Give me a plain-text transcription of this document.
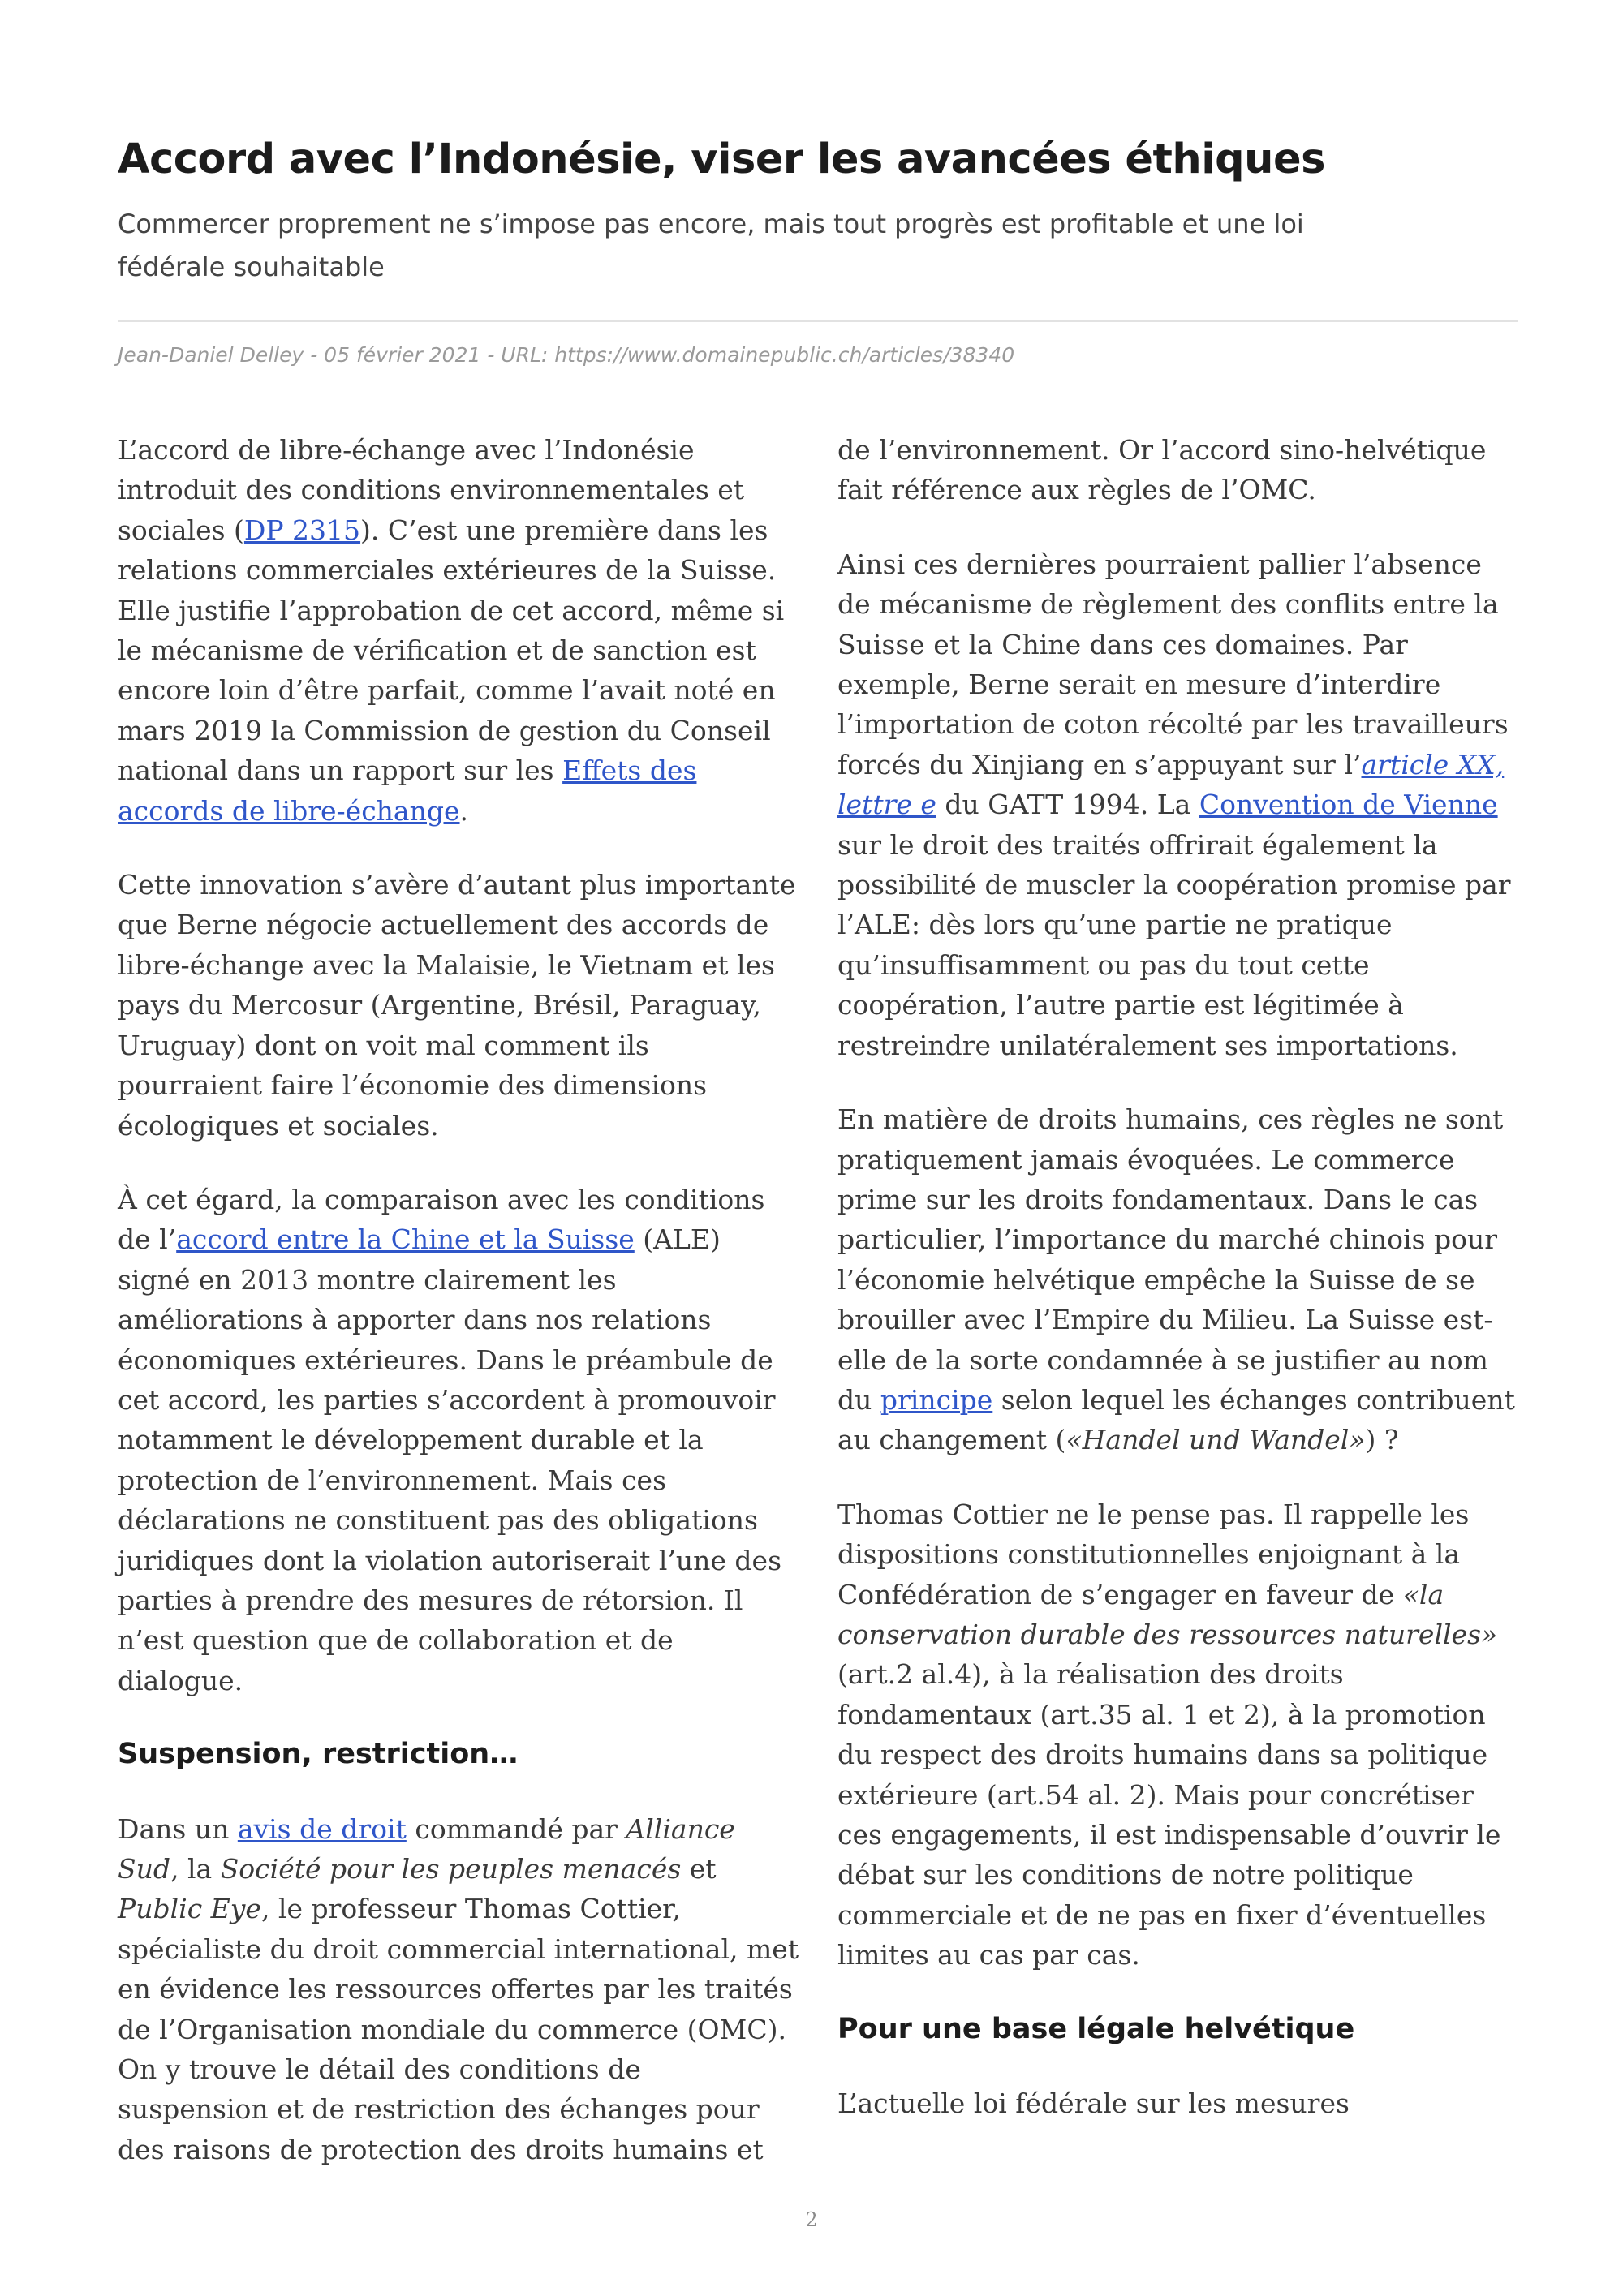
Accord avec l’Indonésie, viser les avancées éthiques

Commercer proprement ne s’impose pas encore, mais tout progrès est profitable et une loi fédérale souhaitable

Jean-Daniel Delley - 05 février 2021 - URL: https://www.domainepublic.ch/articles/38340

L’accord de libre-échange avec l’Indonésie introduit des conditions environnementales et sociales (DP 2315). C’est une première dans les relations commerciales extérieures de la Suisse. Elle justifie l’approbation de cet accord, même si le mécanisme de vérification et de sanction est encore loin d’être parfait, comme l’avait noté en mars 2019 la Commission de gestion du Conseil national dans un rapport sur les Effets des accords de libre-échange.

Cette innovation s’avère d’autant plus importante que Berne négocie actuellement des accords de libre-échange avec la Malaisie, le Vietnam et les pays du Mercosur (Argentine, Brésil, Paraguay, Uruguay) dont on voit mal comment ils pourraient faire l’économie des dimensions écologiques et sociales.

À cet égard, la comparaison avec les conditions de l’accord entre la Chine et la Suisse (ALE) signé en 2013 montre clairement les améliorations à apporter dans nos relations économiques extérieures. Dans le préambule de cet accord, les parties s’accordent à promouvoir notamment le développement durable et la protection de l’environnement. Mais ces déclarations ne constituent pas des obligations juridiques dont la violation autoriserait l’une des parties à prendre des mesures de rétorsion. Il n’est question que de collaboration et de dialogue.

Suspension, restriction…

Dans un avis de droit commandé par Alliance Sud, la Société pour les peuples menacés et Public Eye, le professeur Thomas Cottier, spécialiste du droit commercial international, met en évidence les ressources offertes par les traités de l’Organisation mondiale du commerce (OMC). On y trouve le détail des conditions de suspension et de restriction des échanges pour des raisons de protection des droits humains et

de l’environnement. Or l’accord sino-helvétique fait référence aux règles de l’OMC.

Ainsi ces dernières pourraient pallier l’absence de mécanisme de règlement des conflits entre la Suisse et la Chine dans ces domaines. Par exemple, Berne serait en mesure d’interdire l’importation de coton récolté par les travailleurs forcés du Xinjiang en s’appuyant sur l’article XX, lettre e du GATT 1994. La Convention de Vienne sur le droit des traités offrirait également la possibilité de muscler la coopération promise par l’ALE: dès lors qu’une partie ne pratique qu’insuffisamment ou pas du tout cette coopération, l’autre partie est légitimée à restreindre unilatéralement ses importations.

En matière de droits humains, ces règles ne sont pratiquement jamais évoquées. Le commerce prime sur les droits fondamentaux. Dans le cas particulier, l’importance du marché chinois pour l’économie helvétique empêche la Suisse de se brouiller avec l’Empire du Milieu. La Suisse est-elle de la sorte condamnée à se justifier au nom du principe selon lequel les échanges contribuent au changement («Handel und Wandel») ?

Thomas Cottier ne le pense pas. Il rappelle les dispositions constitutionnelles enjoignant à la Confédération de s’engager en faveur de «la conservation durable des ressources naturelles» (art.2 al.4), à la réalisation des droits fondamentaux (art.35 al. 1 et 2), à la promotion du respect des droits humains dans sa politique extérieure (art.54 al. 2). Mais pour concrétiser ces engagements, il est indispensable d’ouvrir le débat sur les conditions de notre politique commerciale et de ne pas en fixer d’éventuelles limites au cas par cas.

Pour une base légale helvétique

L’actuelle loi fédérale sur les mesures

2
